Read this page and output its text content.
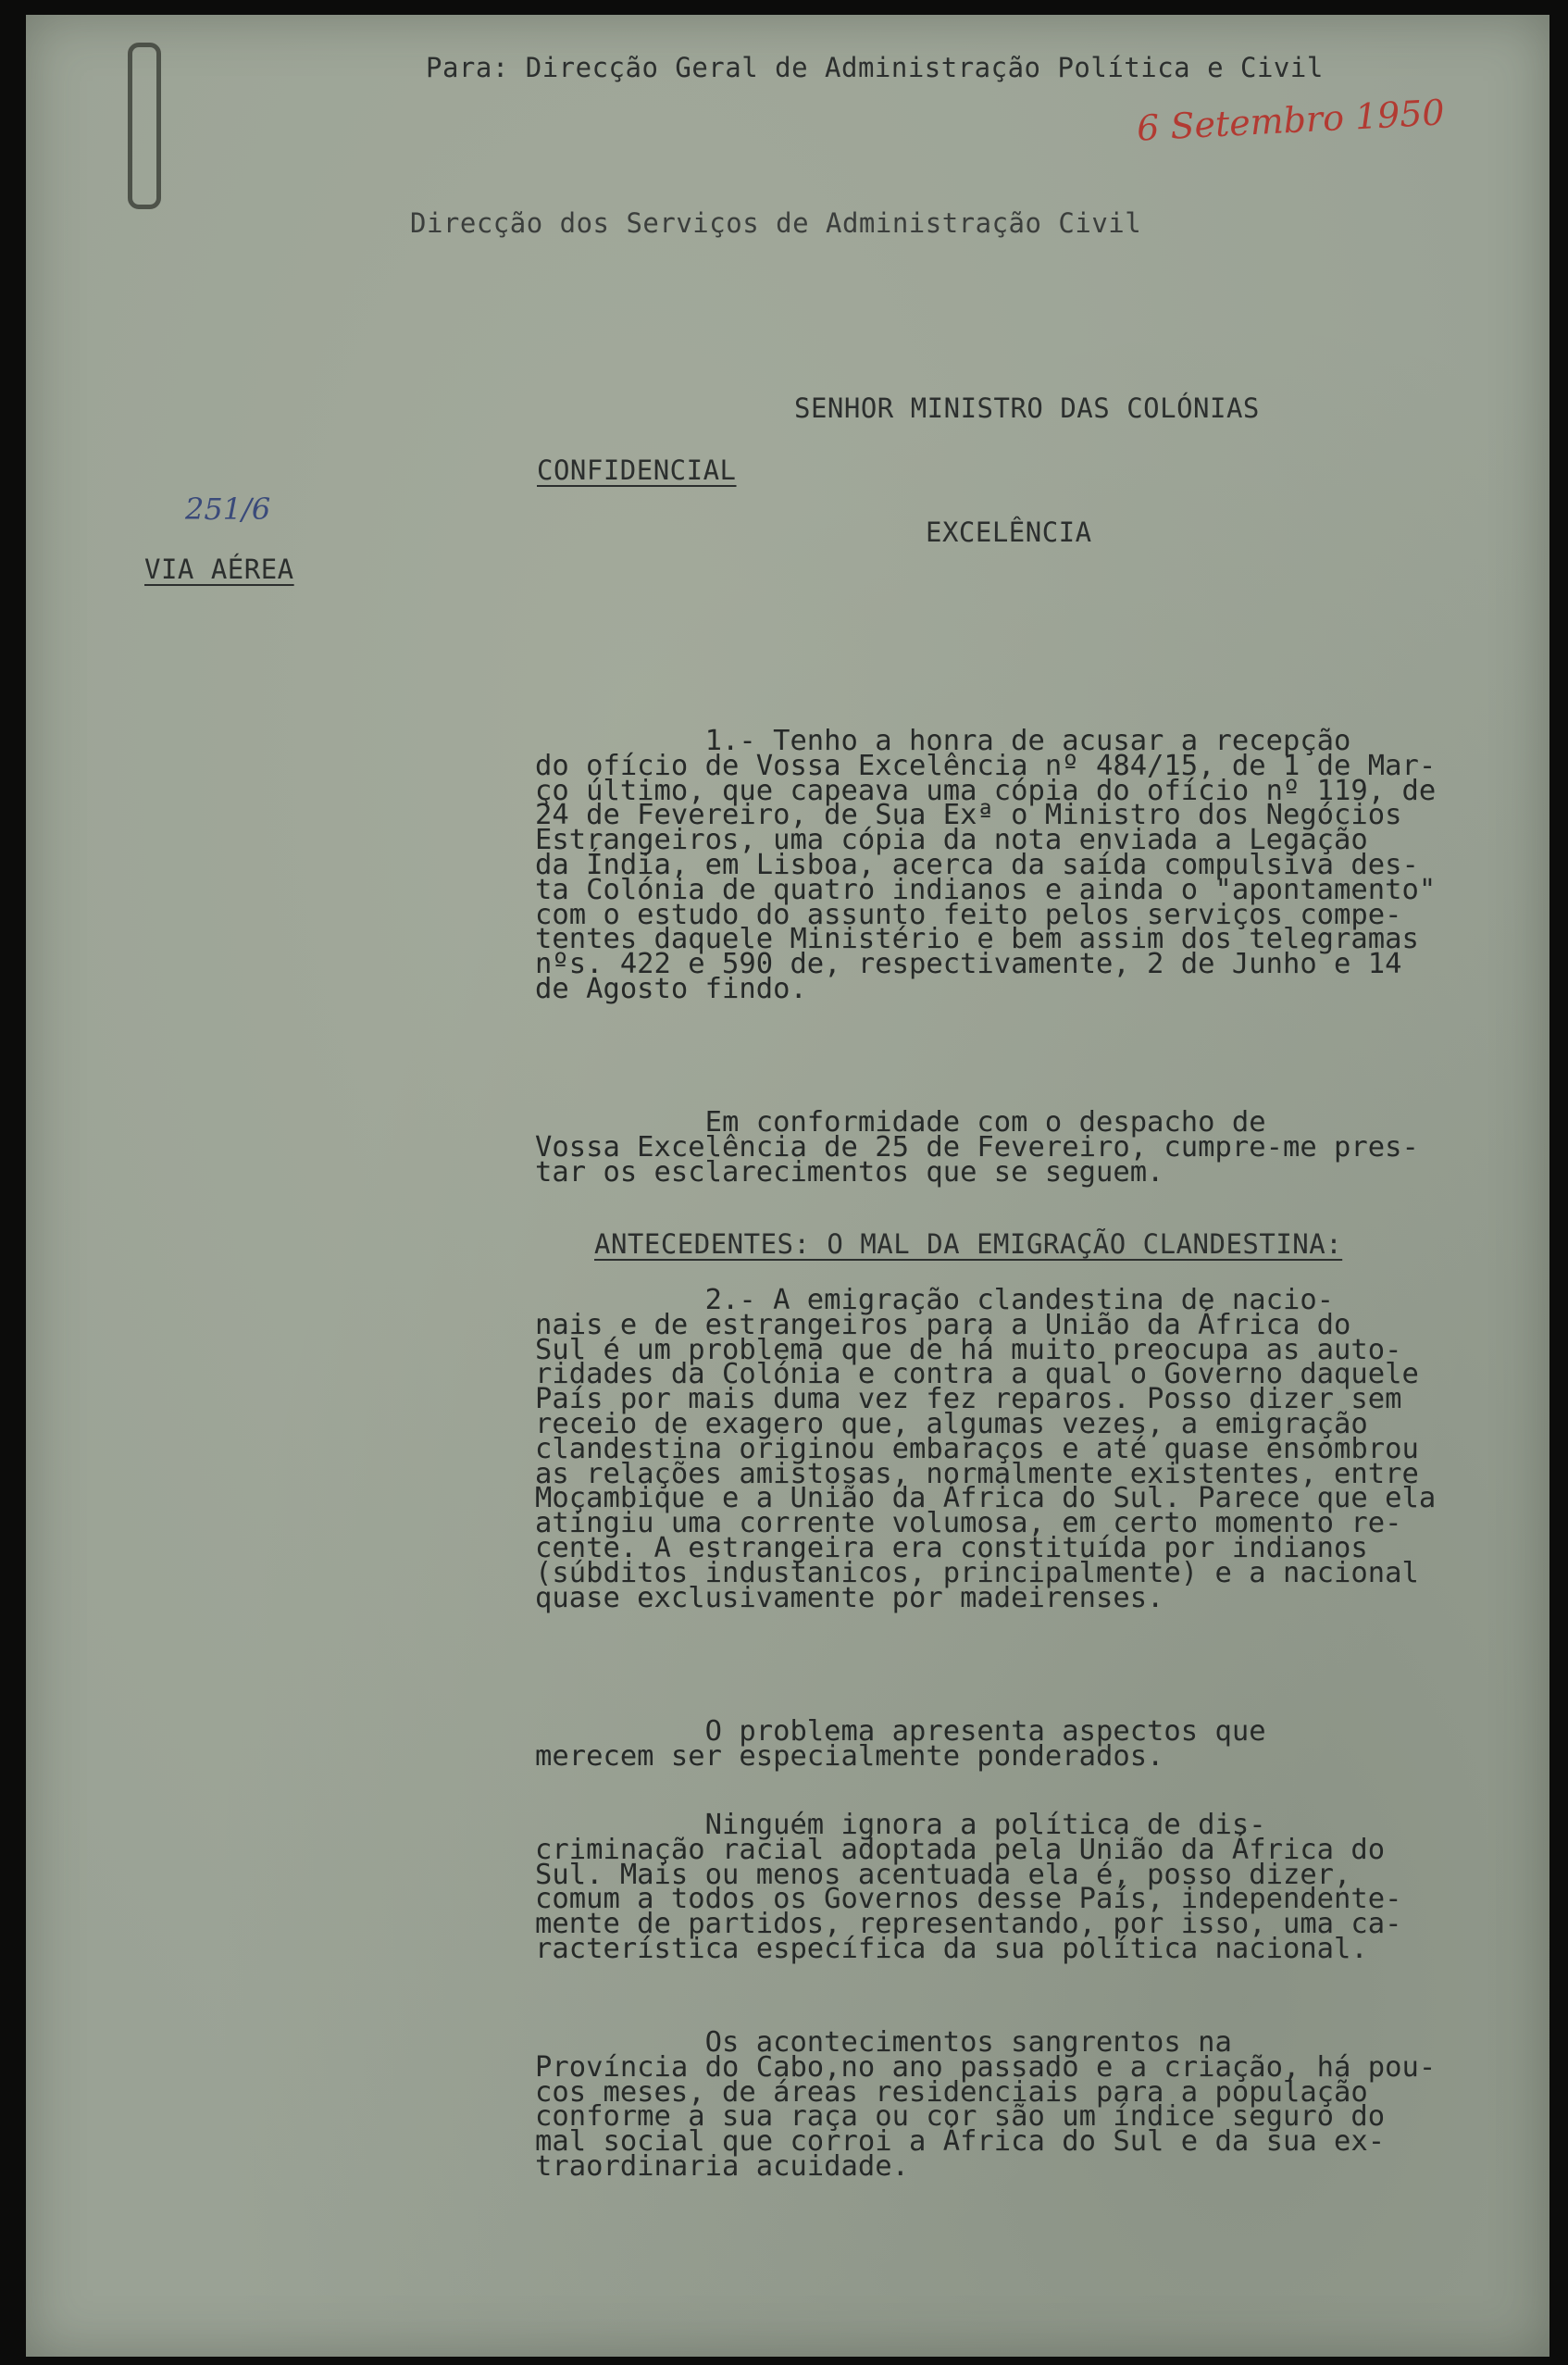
Para: Direcção Geral de Administração Política e Civil
6 Setembro 1950
Direcção dos Serviços de Administração Civil
SENHOR MINISTRO DAS COLÓNIAS
CONFIDENCIAL
251/6
EXCELÊNCIA
VIA AÉREA
1.- Tenho a honra de acusar a recepção
do ofício de Vossa Excelência nº 484/15, de 1 de Mar-
ço último, que capeava uma cópia do ofício nº 119, de
24 de Fevereiro, de Sua Exª o Ministro dos Negócios
Estrangeiros, uma cópia da nota enviada a Legação
da Índia, em Lisboa, acerca da saída compulsiva des-
ta Colónia de quatro indianos e ainda o "apontamento"
com o estudo do assunto feito pelos serviços compe-
tentes daquele Ministério e bem assim dos telegramas
nºs. 422 e 590 de, respectivamente, 2 de Junho e 14
de Agosto findo.
Em conformidade com o despacho de
Vossa Excelência de 25 de Fevereiro, cumpre-me pres-
tar os esclarecimentos que se seguem.
ANTECEDENTES: O MAL DA EMIGRAÇÃO CLANDESTINA:
2.- A emigração clandestina de nacio-
nais e de estrangeiros para a União da África do
Sul é um problema que de há muito preocupa as auto-
ridades da Colónia e contra a qual o Governo daquele
País por mais duma vez fez reparos. Posso dizer sem
receio de exagero que, algumas vezes, a emigração
clandestina originou embaraços e até quase ensombrou
as relações amistosas, normalmente existentes, entre
Moçambique e a União da África do Sul. Parece que ela
atingiu uma corrente volumosa, em certo momento re-
cente. A estrangeira era constituída por indianos
(súbditos industanicos, principalmente) e a nacional
quase exclusivamente por madeirenses.
O problema apresenta aspectos que
merecem ser especialmente ponderados.
Ninguém ignora a política de dis-
criminação racial adoptada pela União da África do
Sul. Mais ou menos acentuada ela é, posso dizer,
comum a todos os Governos desse País, independente-
mente de partidos, representando, por isso, uma ca-
racterística específica da sua política nacional.
Os acontecimentos sangrentos na
Província do Cabo,no ano passado e a criação, há pou-
cos meses, de áreas residenciais para a população
conforme a sua raça ou cor são um índice seguro do
mal social que corroi a África do Sul e da sua ex-
traordinaria acuidade.
